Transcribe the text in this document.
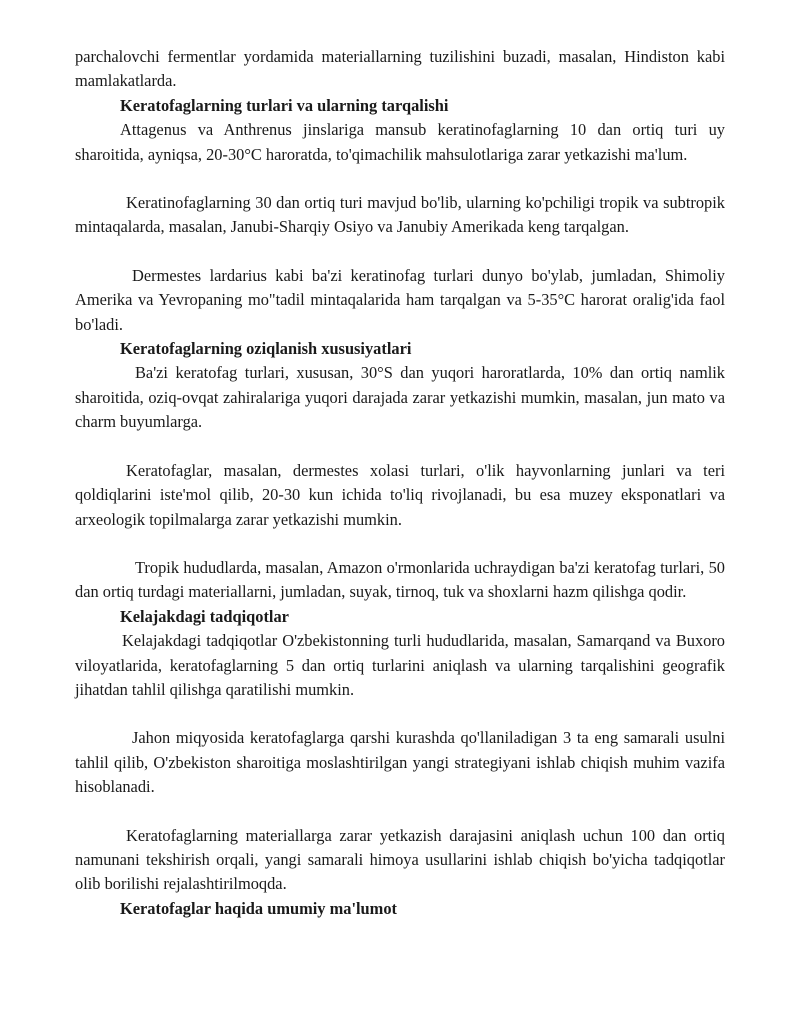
parchalovchi fermentlar yordamida materiallarning tuzilishini buzadi, masalan, Hindiston kabi mamlakatlarda.

Keratofaglarning turlari va ularning tarqalishi

Attagenus va Anthrenus jinslariga mansub keratinofaglarning 10 dan ortiq turi uy sharoitida, ayniqsa, 20-30°C haroratda, to'qimachilik mahsulotlariga zarar yetkazishi ma'lum.

Keratinofaglarning 30 dan ortiq turi mavjud bo'lib, ularning ko'pchiligi tropik va subtropik mintaqalarda, masalan, Janubi-Sharqiy Osiyo va Janubiy Amerikada keng tarqalgan.

Dermestes lardarius kabi ba'zi keratinofag turlari dunyo bo'ylab, jumladan, Shimoliy Amerika va Yevropaning mo"tadil mintaqalarida ham tarqalgan va 5-35°C harorat oralig'ida faol bo'ladi.

Keratofaglarning oziqlanish xususiyatlari

Ba'zi keratofag turlari, xususan, 30°S dan yuqori haroratlarda, 10% dan ortiq namlik sharoitida, oziq-ovqat zahiralariga yuqori darajada zarar yetkazishi mumkin, masalan, jun mato va charm buyumlarga.

Keratofaglar, masalan, dermestes xolasi turlari, o'lik hayvonlarning junlari va teri qoldiqlarini iste'mol qilib, 20-30 kun ichida to'liq rivojlanadi, bu esa muzey eksponatlari va arxeologik topilmalarga zarar yetkazishi mumkin.

Tropik hududlarda, masalan, Amazon o'rmonlarida uchraydigan ba'zi keratofag turlari, 50 dan ortiq turdagi materiallarni, jumladan, suyak, tirnoq, tuk va shoxlarni hazm qilishga qodir.

Kelajakdagi tadqiqotlar

Kelajakdagi tadqiqotlar O'zbekistonning turli hududlarida, masalan, Samarqand va Buxoro viloyatlarida, keratofaglarning 5 dan ortiq turlarini aniqlash va ularning tarqalishini geografik jihatdan tahlil qilishga qaratilishi mumkin.

Jahon miqyosida keratofaglarga qarshi kurashda qo'llaniladigan 3 ta eng samarali usulni tahlil qilib, O'zbekiston sharoitiga moslashtirilgan yangi strategiyani ishlab chiqish muhim vazifa hisoblanadi.

Keratofaglarning materiallarga zarar yetkazish darajasini aniqlash uchun 100 dan ortiq namunani tekshirish orqali, yangi samarali himoya usullarini ishlab chiqish bo'yicha tadqiqotlar olib borilishi rejalashtirilmoqda.

Keratofaglar haqida umumiy ma'lumot
